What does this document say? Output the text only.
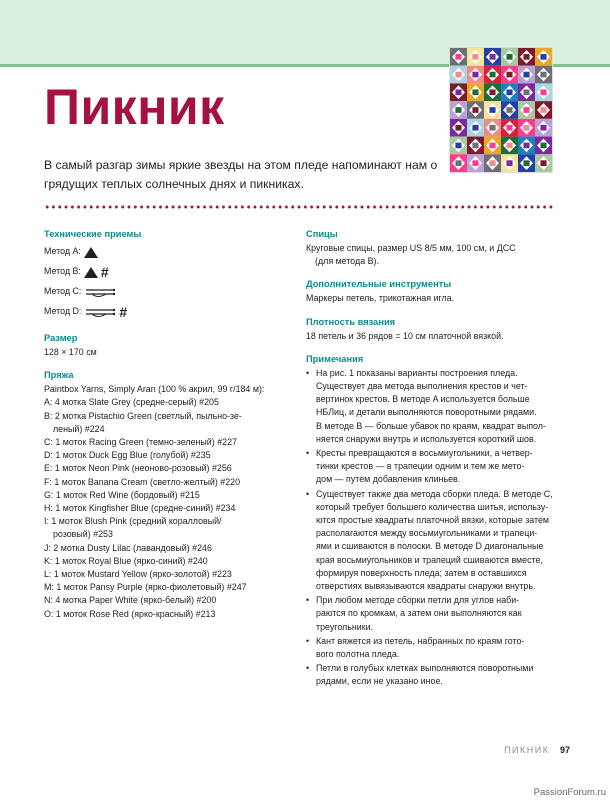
Пикник

В самый разгар зимы яркие звезды на этом пледе напоминают нам о грядущих теплых солнечных днях и пикниках.

Технические приемы
Метод A:
Метод B: #
Метод C:
Метод D:	#
Размер

128 × 170 см

Пряжа

Paintbox Yarns, Simply Aran (100 % акрил, 99 г/184 м):

A: 4 мотка Slate Grey (средне-серый) #205

B: 2 мотка Pistachio Green (светлый, пыльно-зе-

леный) #224

C: 1 моток Racing Green (темно-зеленый) #227

D: 1 моток Duck Egg Blue (голубой) #235

E: 1 моток Neon Pink (неоново-розовый) #256

F: 1 моток Banana Cream (светло-желтый) #220

G: 1 моток Red Wine (бордовый) #215

H: 1 моток Kingfisher Blue (средне-синий) #234

I: 1 моток Blush Pink (средний коралловый/

розовый) #253

J: 2 мотка Dusty Lilac (лавандовый) #246

K: 1 моток Royal Blue (ярко-синий) #240

L: 1 моток Mustard Yellow (ярко-золотой) #223

M: 1 моток Pansy Purple (ярко-фиолетовый) #247

N: 4 мотка Paper White (ярко-белый) #200

O: 1 моток Rose Red (ярко-красный) #213

Спицы

Круговые спицы, размер US 8/5 мм, 100 см, и ДСС

(для метода B).

Дополнительные инструменты

Маркеры петель, трикотажная игла.

Плотность вязания

18 петель и 36 рядов = 10 см платочной вязкой.

Примечания
• На рис. 1 показаны варианты построения пледа.
Существует два метода выполнения крестов и чет-
вертинок крестов. В методе A используется больше
НБЛиц, и детали выполняются поворотными рядами.
В методе B — больше убавок по краям, квадрат выпол-
няется снаружи внутрь и используется короткий шов.
• Кресты превращаются в восьмиугольники, а четвер-
тинки крестов — в трапеции одним и тем же мето-
дом — путем добавления клиньев.
• Существует также два метода сборки пледа. В методе C,
который требует большего количества шитья, использу-
ются простые квадраты платочной вязки, которые затем
располагаются между восьмиугольниками и трапеци-
ями и сшиваются в полоски. В методе D диагональные
края восьмиугольников и трапеций сшиваются вместе,
формируя поверхность пледа; затем в оставшихся
отверстиях вывязываются квадраты снаружи внутрь.
• При любом методе сборки петли для углов наби-
раются по кромкам, а затем они выполняются как
треугольники.
• Кант вяжется из петель, набранных по краям гото-
вого полотна пледа.
• Петли в голубых клетках выполняются поворотными
рядами, если не указано иное.
ПИКНИК 97
PassionForum.ru
